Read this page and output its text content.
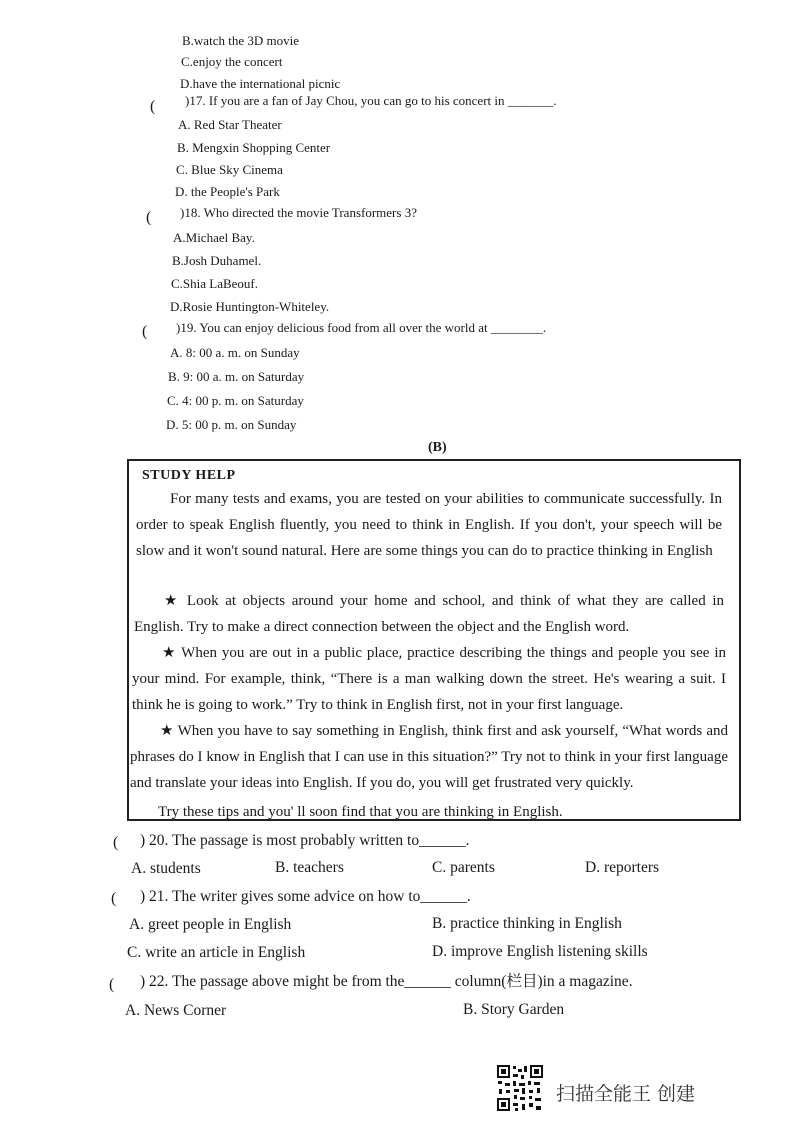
B.watch the 3D movie
C.enjoy the concert
D.have the international picnic
( )17. If you are a fan of Jay Chou, you can go to his concert in _______.
A. Red Star Theater
B. Mengxin Shopping Center
C. Blue Sky Cinema
D. the People's Park
( )18. Who directed the movie Transformers 3?
A.Michael Bay.
B.Josh Duhamel.
C.Shia LaBeouf.
D.Rosie Huntington-Whiteley.
( )19. You can enjoy delicious food from all over the world at ________.
A. 8: 00 a. m. on Sunday
B. 9: 00 a. m. on Saturday
C. 4: 00 p. m. on Saturday
D. 5: 00 p. m. on Sunday
(B)
STUDY HELP
For many tests and exams, you are tested on your abilities to communicate successfully. In order to speak English fluently, you need to think in English. If you don't, your speech will be slow and it won't sound natural. Here are some things you can do to practice thinking in English
★ Look at objects around your home and school, and think of what they are called in English. Try to make a direct connection between the object and the English word.
★ When you are out in a public place, practice describing the things and people you see in your mind. For example, think, “There is a man walking down the street. He's wearing a suit. I think he is going to work.” Try to think in English first, not in your first language.
★ When you have to say something in English, think first and ask yourself, “What words and phrases do I know in English that I can use in this situation?” Try not to think in your first language and translate your ideas into English. If you do, you will get frustrated very quickly.
Try these tips and you' ll soon find that you are thinking in English.
( ) 20. The passage is most probably written to______.
A. students	B. teachers	C. parents	D. reporters
( ) 21. The writer gives some advice on how to______.
A. greet people in English	B. practice thinking in English
C. write an article in English	D. improve English listening skills
( ) 22. The passage above might be from the______ column(栏目)in a magazine.
A. News Corner	B. Story Garden
扫描全能王 创建
